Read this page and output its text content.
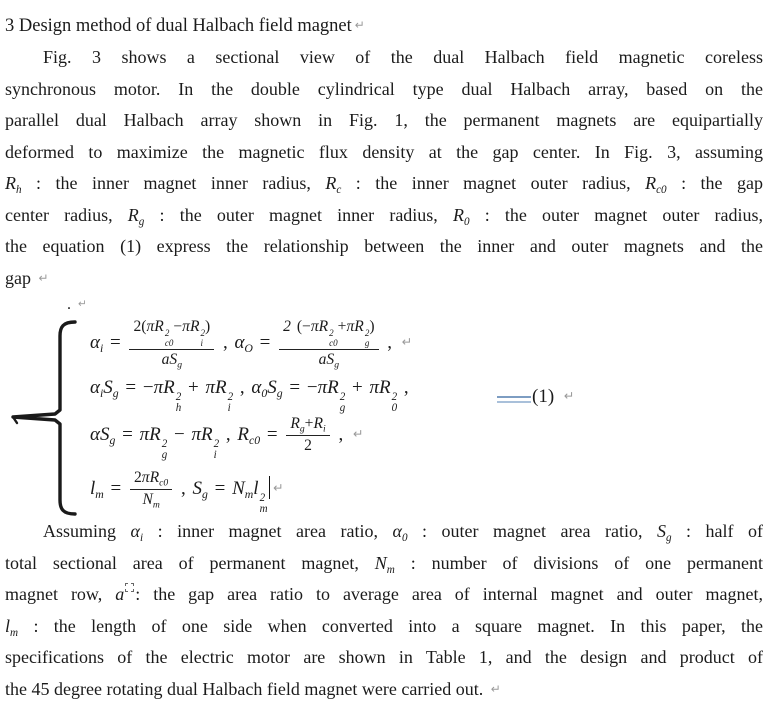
3 Design method of dual Halbach field magnet ↵
Fig. 3 shows a sectional view of the dual Halbach field magnetic coreless
synchronous motor. In the double cylindrical type dual Halbach array, based on the
parallel dual Halbach array shown in Fig. 1, the permanent magnets are equipartially
deformed to maximize the magnetic flux density at the gap center. In Fig. 3, assuming
$R_h$ : the inner magnet inner radius, $R_c$ : the inner magnet outer radius, $R_{c0}$ : the gap
center radius, $R_g$ : the outer magnet inner radius, $R_0$ : the outer magnet outer radius,
the equation (1) express the relationship between the inner and outer magnets and the
gap ↵
. ↵
$\alpha_i = 2(\pi R$ 2
c0
−πR 2
i
)
$aS_g$ , $\alpha_O = 2$ (−πR 2
c0
+πR 2
g
)
$aS_g$ , ↵
$\alpha_iS_g = -\pi R$ 2
h
+ πR 2
i
, $\alpha_0S_g = -\pi R$ 2
g
+ πR 2
0
,	(1) ↵
$\alpha S_g = \pi R$ 2
g
− πR 2
i
, $R_{c0} = \frac{R_g+R_i}{2}$ , ↵
$l_m = \frac{2\pi R_{c0}}{N_m}$ , $S_g = N_ml$ 2
m
↵
Assuming $\alpha_i$ : inner magnet area ratio, $\alpha_0$ : outer magnet area ratio, $S_g$ : half of
total sectional area of permanent magnet, $N_m$ : number of divisions of one permanent
magnet row, a : the gap area ratio to average area of internal magnet and outer magnet,
$l_m$ : the length of one side when converted into a square magnet. In this paper, the
specifications of the electric motor are shown in Table 1, and the design and product of
the 45 degree rotating dual Halbach field magnet were carried out. ↵
